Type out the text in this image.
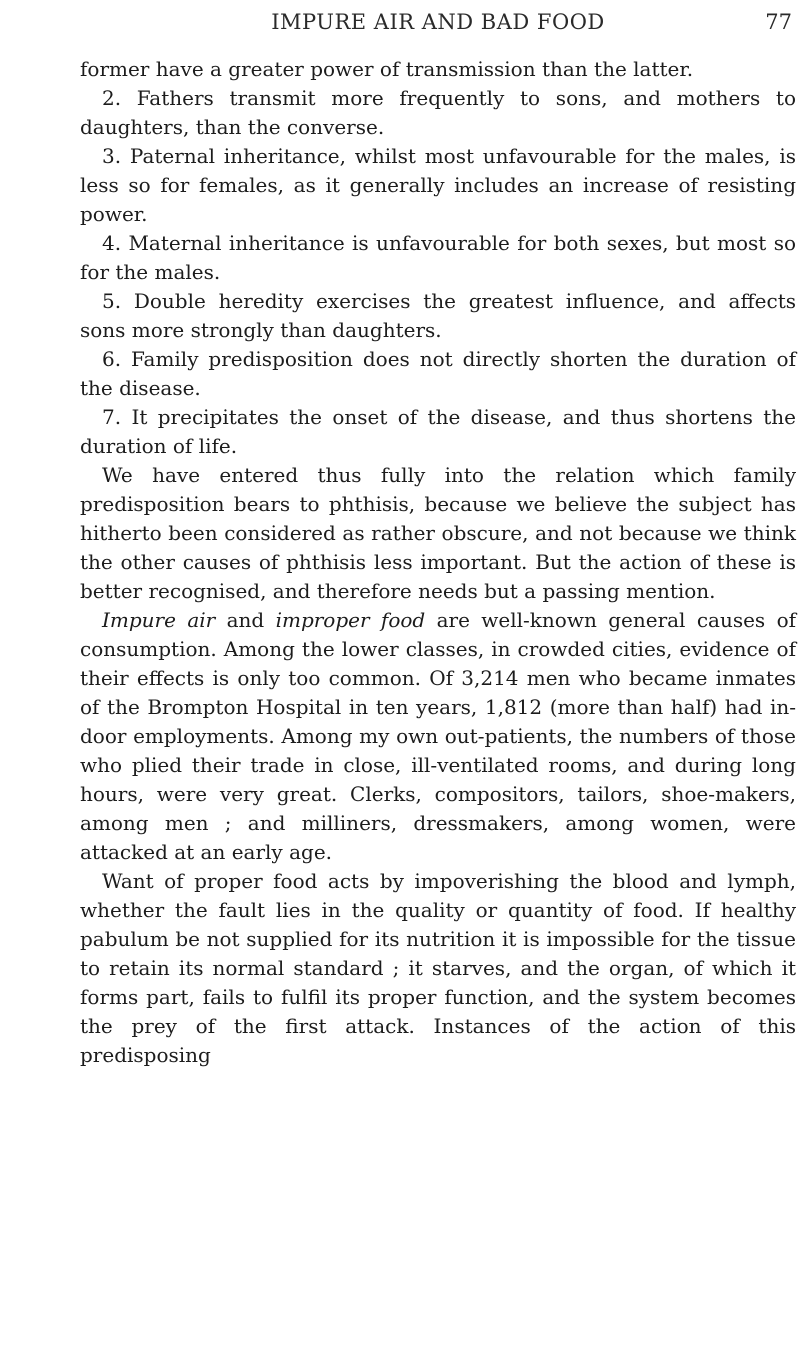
IMPURE AIR AND BAD FOOD	77

former have a greater power of transmission than the latter.

2. Fathers transmit more frequently to sons, and mothers to daughters, than the converse.

3. Paternal inheritance, whilst most unfavourable for the males, is less so for females, as it generally includes an increase of resisting power.

4. Maternal inheritance is unfavourable for both sexes, but most so for the males.

5. Double heredity exercises the greatest influence, and affects sons more strongly than daughters.

6. Family predisposition does not directly shorten the duration of the disease.

7. It precipitates the onset of the disease, and thus shortens the duration of life.

We have entered thus fully into the relation which family predisposition bears to phthisis, because we believe the subject has hitherto been considered as rather obscure, and not because we think the other causes of phthisis less important. But the action of these is better recognised, and therefore needs but a passing mention.

Impure air and improper food are well-known general causes of consumption. Among the lower classes, in crowded cities, evidence of their effects is only too common. Of 3,214 men who became inmates of the Brompton Hospital in ten years, 1,812 (more than half) had in-door employments. Among my own out-patients, the numbers of those who plied their trade in close, ill-ventilated rooms, and during long hours, were very great. Clerks, compositors, tailors, shoe-makers, among men ; and milliners, dressmakers, among women, were attacked at an early age.

Want of proper food acts by impoverishing the blood and lymph, whether the fault lies in the quality or quantity of food. If healthy pabulum be not supplied for its nutrition it is impossible for the tissue to retain its normal standard ; it starves, and the organ, of which it forms part, fails to fulfil its proper function, and the system becomes the prey of the first attack. Instances of the action of this predisposing
